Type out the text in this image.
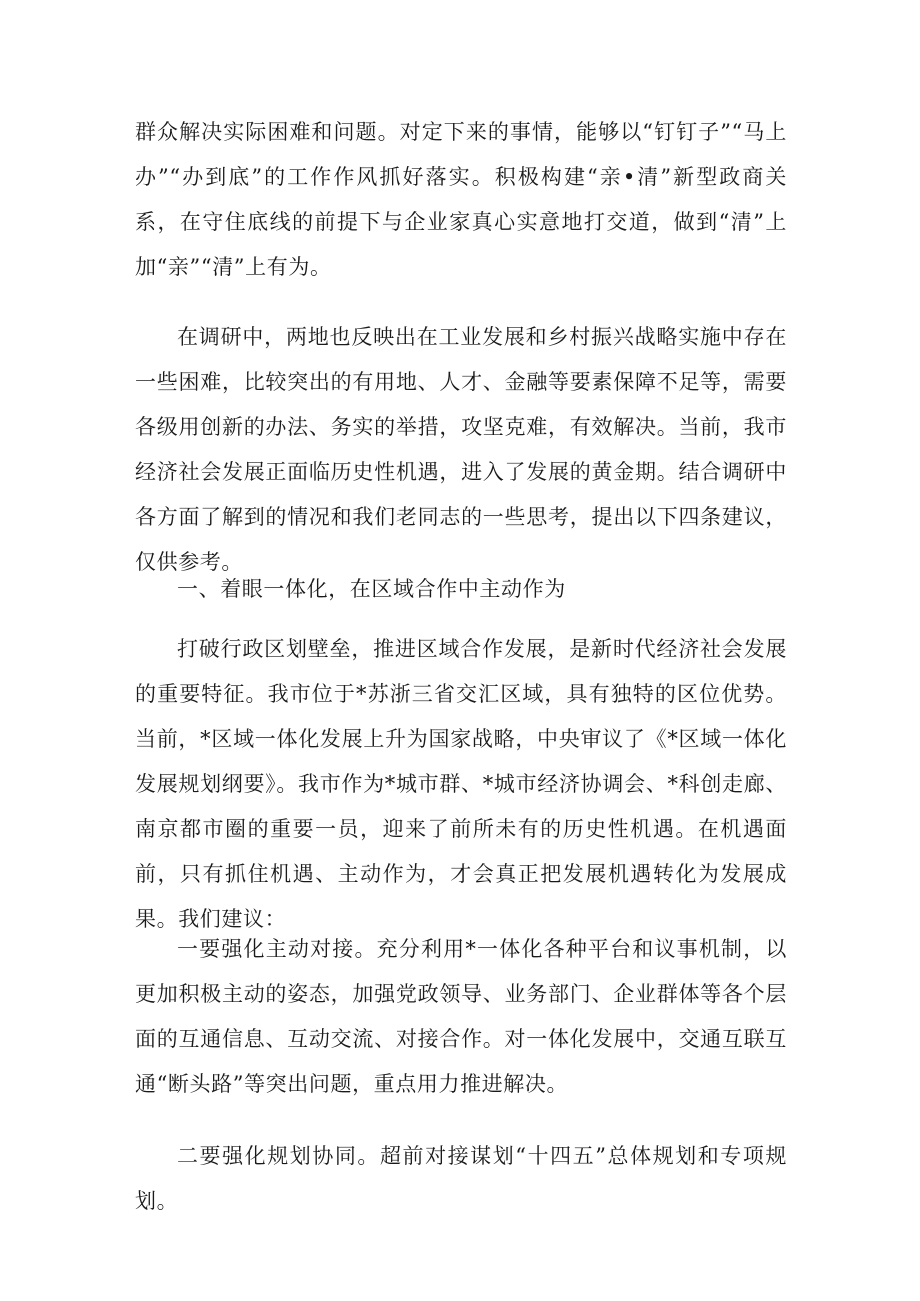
群众解决实际困难和问题。对定下来的事情，能够以“钉钉子”“马上办”“办到底”的工作作风抓好落实。积极构建“亲•清”新型政商关系，在守住底线的前提下与企业家真心实意地打交道，做到“清”上加“亲”“清”上有为。

在调研中，两地也反映出在工业发展和乡村振兴战略实施中存在一些困难，比较突出的有用地、人才、金融等要素保障不足等，需要各级用创新的办法、务实的举措，攻坚克难，有效解决。当前，我市经济社会发展正面临历史性机遇，进入了发展的黄金期。结合调研中各方面了解到的情况和我们老同志的一些思考，提出以下四条建议，仅供参考。

一、着眼一体化，在区域合作中主动作为

打破行政区划壁垒，推进区域合作发展，是新时代经济社会发展的重要特征。我市位于*苏浙三省交汇区域，具有独特的区位优势。当前，*区域一体化发展上升为国家战略，中央审议了《*区域一体化发展规划纲要》。我市作为*城市群、*城市经济协调会、*科创走廊、南京都市圈的重要一员，迎来了前所未有的历史性机遇。在机遇面前，只有抓住机遇、主动作为，才会真正把发展机遇转化为发展成果。我们建议：

一要强化主动对接。充分利用*一体化各种平台和议事机制，以更加积极主动的姿态，加强党政领导、业务部门、企业群体等各个层面的互通信息、互动交流、对接合作。对一体化发展中，交通互联互通“断头路”等突出问题，重点用力推进解决。

二要强化规划协同。超前对接谋划“十四五”总体规划和专项规划。
